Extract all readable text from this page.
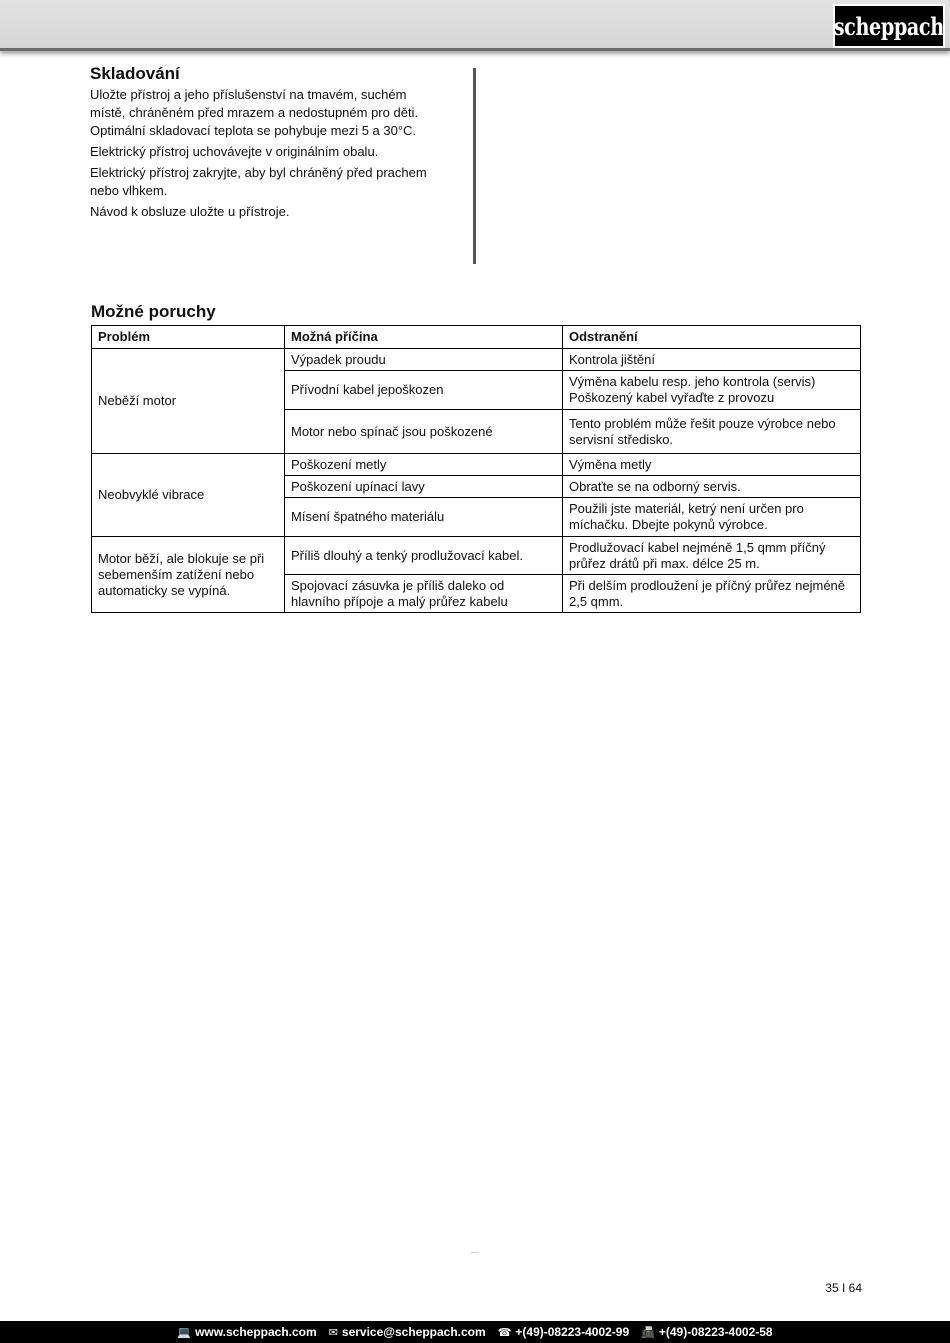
scheppach
Skladování

Uložte přístroj a jeho příslušenství na tmavém, suchém místě, chráněném před mrazem a nedostupném pro děti. Optimální skladovací teplota se pohybuje mezi 5 a 30°C.

Elektrický přístroj uchovávejte v originálním obalu.

Elektrický přístroj zakryjte, aby byl chráněný před prachem nebo vlhkem.

Návod k obsluze uložte u přístroje.

Možné poruchy
Problém	Možná příčina	Odstranění
Neběží motor	Výpadek proudu	Kontrola jištění
	Přívodní kabel jepoškozen	Výměna kabelu resp. jeho kontrola (servis) Poškozený kabel vyřaďte z provozu
	Motor nebo spínač jsou poškozené	Tento problém může řešit pouze výrobce nebo servisní středisko.
Neobvyklé vibrace	Poškození metly	Výměna metly
	Poškození upínací lavy	Obraťte se na odborný servis.
	Mísení špatného materiálu	Použili jste materiál, ketrý není určen pro míchačku. Dbejte pokynů výrobce.
Motor běží, ale blokuje se při sebemenším zatížení nebo automaticky se vypíná.	Příliš dlouhý a tenký prodlužovací kabel.	Prodlužovací kabel nejméně 1,5 qmm příčný průřez drátů při max. délce 25 m.
	Spojovací zásuvka je příliš daleko od hlavního přípoje a malý průřez kabelu	Při delším prodloužení je příčný průřez nejméně 2,5 qmm.
35 I 64
💻 www.scheppach.com ✉ service@scheppach.com ☎ +(49)-08223-4002-99 📠 +(49)-08223-4002-58
